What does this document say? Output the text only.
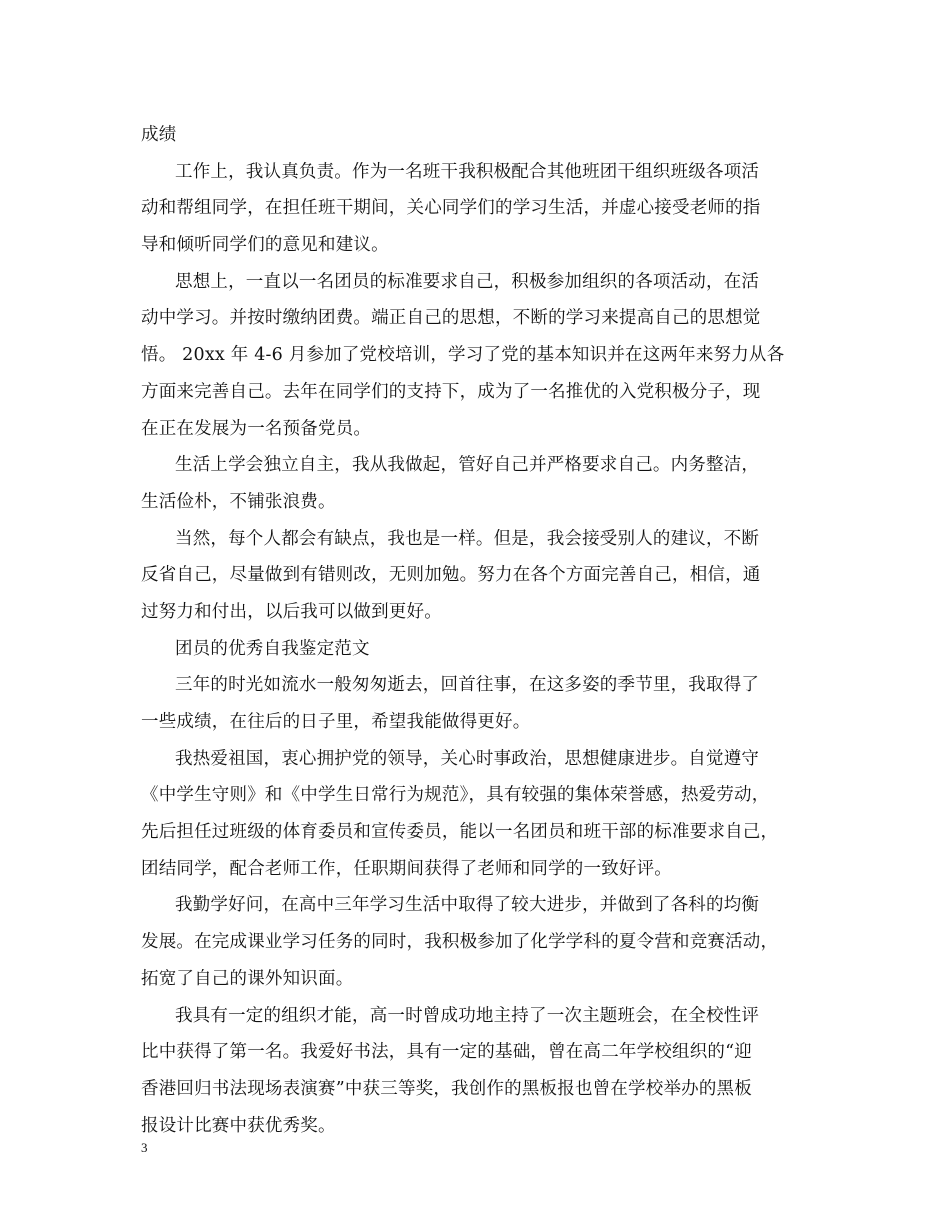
成绩
工作上，我认真负责。作为一名班干我积极配合其他班团干组织班级各项活
动和帮组同学，在担任班干期间，关心同学们的学习生活，并虚心接受老师的指
导和倾听同学们的意见和建议。
思想上，一直以一名团员的标准要求自己，积极参加组织的各项活动，在活
动中学习。并按时缴纳团费。端正自己的思想，不断的学习来提高自己的思想觉
悟。 20xx 年 4-6 月参加了党校培训，学习了党的基本知识并在这两年来努力从各
方面来完善自己。去年在同学们的支持下，成为了一名推优的入党积极分子，现
在正在发展为一名预备党员。
生活上学会独立自主，我从我做起，管好自己并严格要求自己。内务整洁，
生活俭朴，不铺张浪费。
当然，每个人都会有缺点，我也是一样。但是，我会接受别人的建议，不断
反省自己，尽量做到有错则改，无则加勉。努力在各个方面完善自己，相信，通
过努力和付出，以后我可以做到更好。
团员的优秀自我鉴定范文
三年的时光如流水一般匆匆逝去，回首往事，在这多姿的季节里，我取得了
一些成绩，在往后的日子里，希望我能做得更好。
我热爱祖国，衷心拥护党的领导，关心时事政治，思想健康进步。自觉遵守
《中学生守则》和《中学生日常行为规范》，具有较强的集体荣誉感，热爱劳动，
先后担任过班级的体育委员和宣传委员，能以一名团员和班干部的标准要求自己，
团结同学，配合老师工作，任职期间获得了老师和同学的一致好评。
我勤学好问，在高中三年学习生活中取得了较大进步，并做到了各科的均衡
发展。在完成课业学习任务的同时，我积极参加了化学学科的夏令营和竞赛活动，
拓宽了自己的课外知识面。
我具有一定的组织才能，高一时曾成功地主持了一次主题班会，在全校性评
比中获得了第一名。我爱好书法，具有一定的基础，曾在高二年学校组织的“迎
香港回归书法现场表演赛”中获三等奖，我创作的黑板报也曾在学校举办的黑板
报设计比赛中获优秀奖。
3
